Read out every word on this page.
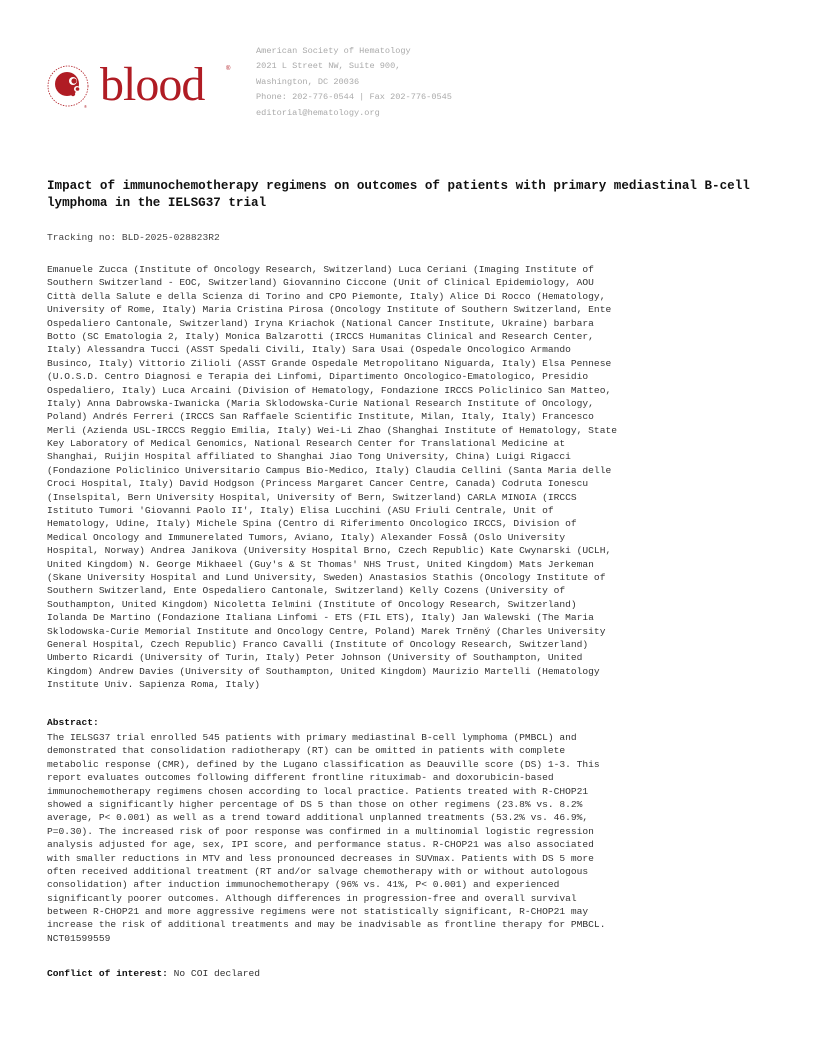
® blood	®
American Society of Hematology
2021 L Street NW, Suite 900,
Washington, DC 20036
Phone: 202-776-0544 | Fax 202-776-0545
editorial@hematology.org
Impact of immunochemotherapy regimens on outcomes of patients with primary mediastinal B-cell lymphoma in the IELSG37 trial
Tracking no: BLD-2025-028823R2
Emanuele Zucca (Institute of Oncology Research, Switzerland) Luca Ceriani (Imaging Institute of
Southern Switzerland - EOC, Switzerland) Giovannino Ciccone (Unit of Clinical Epidemiology, AOU
Città della Salute e della Scienza di Torino and CPO Piemonte, Italy) Alice Di Rocco (Hematology,
University of Rome, Italy) Maria Cristina Pirosa (Oncology Institute of Southern Switzerland, Ente
Ospedaliero Cantonale, Switzerland) Iryna Kriachok (National Cancer Institute, Ukraine) barbara
Botto (SC Ematologia 2, Italy) Monica Balzarotti (IRCCS Humanitas Clinical and Research Center,
Italy) Alessandra Tucci (ASST Spedali Civili, Italy) Sara Usai (Ospedale Oncologico Armando
Businco, Italy) Vittorio Zilioli (ASST Grande Ospedale Metropolitano Niguarda, Italy) Elsa Pennese
(U.O.S.D. Centro Diagnosi e Terapia dei Linfomi, Dipartimento Oncologico-Ematologico, Presidio
Ospedaliero, Italy) Luca Arcaini (Division of Hematology, Fondazione IRCCS Policlinico San Matteo,
Italy) Anna Dabrowska-Iwanicka (Maria Sklodowska-Curie National Research Institute of Oncology,
Poland) Andrés Ferreri (IRCCS San Raffaele Scientific Institute, Milan, Italy, Italy) Francesco
Merli (Azienda USL-IRCCS Reggio Emilia, Italy) Wei-Li Zhao (Shanghai Institute of Hematology, State
Key Laboratory of Medical Genomics, National Research Center for Translational Medicine at
Shanghai, Ruijin Hospital affiliated to Shanghai Jiao Tong University, China) Luigi Rigacci
(Fondazione Policlinico Universitario Campus Bio-Medico, Italy) Claudia Cellini (Santa Maria delle
Croci Hospital, Italy) David Hodgson (Princess Margaret Cancer Centre, Canada) Codruta Ionescu
(Inselspital, Bern University Hospital, University of Bern, Switzerland) CARLA MINOIA (IRCCS
Istituto Tumori 'Giovanni Paolo II', Italy) Elisa Lucchini (ASU Friuli Centrale, Unit of
Hematology, Udine, Italy) Michele Spina (Centro di Riferimento Oncologico IRCCS, Division of
Medical Oncology and Immunerelated Tumors, Aviano, Italy) Alexander Fosså (Oslo University
Hospital, Norway) Andrea Janikova (University Hospital Brno, Czech Republic) Kate Cwynarski (UCLH,
United Kingdom) N. George Mikhaeel (Guy's & St Thomas' NHS Trust, United Kingdom) Mats Jerkeman
(Skane University Hospital and Lund University, Sweden) Anastasios Stathis (Oncology Institute of
Southern Switzerland, Ente Ospedaliero Cantonale, Switzerland) Kelly Cozens (University of
Southampton, United Kingdom) Nicoletta Ielmini (Institute of Oncology Research, Switzerland)
Iolanda De Martino (Fondazione Italiana Linfomi - ETS (FIL ETS), Italy) Jan Walewski (The Maria
Sklodowska-Curie Memorial Institute and Oncology Centre, Poland) Marek Trněný (Charles University
General Hospital, Czech Republic) Franco Cavalli (Institute of Oncology Research, Switzerland)
Umberto Ricardi (University of Turin, Italy) Peter Johnson (University of Southampton, United
Kingdom) Andrew Davies (University of Southampton, United Kingdom) Maurizio Martelli (Hematology
Institute Univ. Sapienza Roma, Italy)
Abstract:
The IELSG37 trial enrolled 545 patients with primary mediastinal B-cell lymphoma (PMBCL) and
demonstrated that consolidation radiotherapy (RT) can be omitted in patients with complete
metabolic response (CMR), defined by the Lugano classification as Deauville score (DS) 1-3. This
report evaluates outcomes following different frontline rituximab- and doxorubicin-based
immunochemotherapy regimens chosen according to local practice. Patients treated with R-CHOP21
showed a significantly higher percentage of DS 5 than those on other regimens (23.8% vs. 8.2%
average, P< 0.001) as well as a trend toward additional unplanned treatments (53.2% vs. 46.9%,
P=0.30). The increased risk of poor response was confirmed in a multinomial logistic regression
analysis adjusted for age, sex, IPI score, and performance status. R-CHOP21 was also associated
with smaller reductions in MTV and less pronounced decreases in SUVmax. Patients with DS 5 more
often received additional treatment (RT and/or salvage chemotherapy with or without autologous
consolidation) after induction immunochemotherapy (96% vs. 41%, P< 0.001) and experienced
significantly poorer outcomes. Although differences in progression-free and overall survival
between R-CHOP21 and more aggressive regimens were not statistically significant, R-CHOP21 may
increase the risk of additional treatments and may be inadvisable as frontline therapy for PMBCL.
NCT01599559
Conflict of interest: No COI declared
